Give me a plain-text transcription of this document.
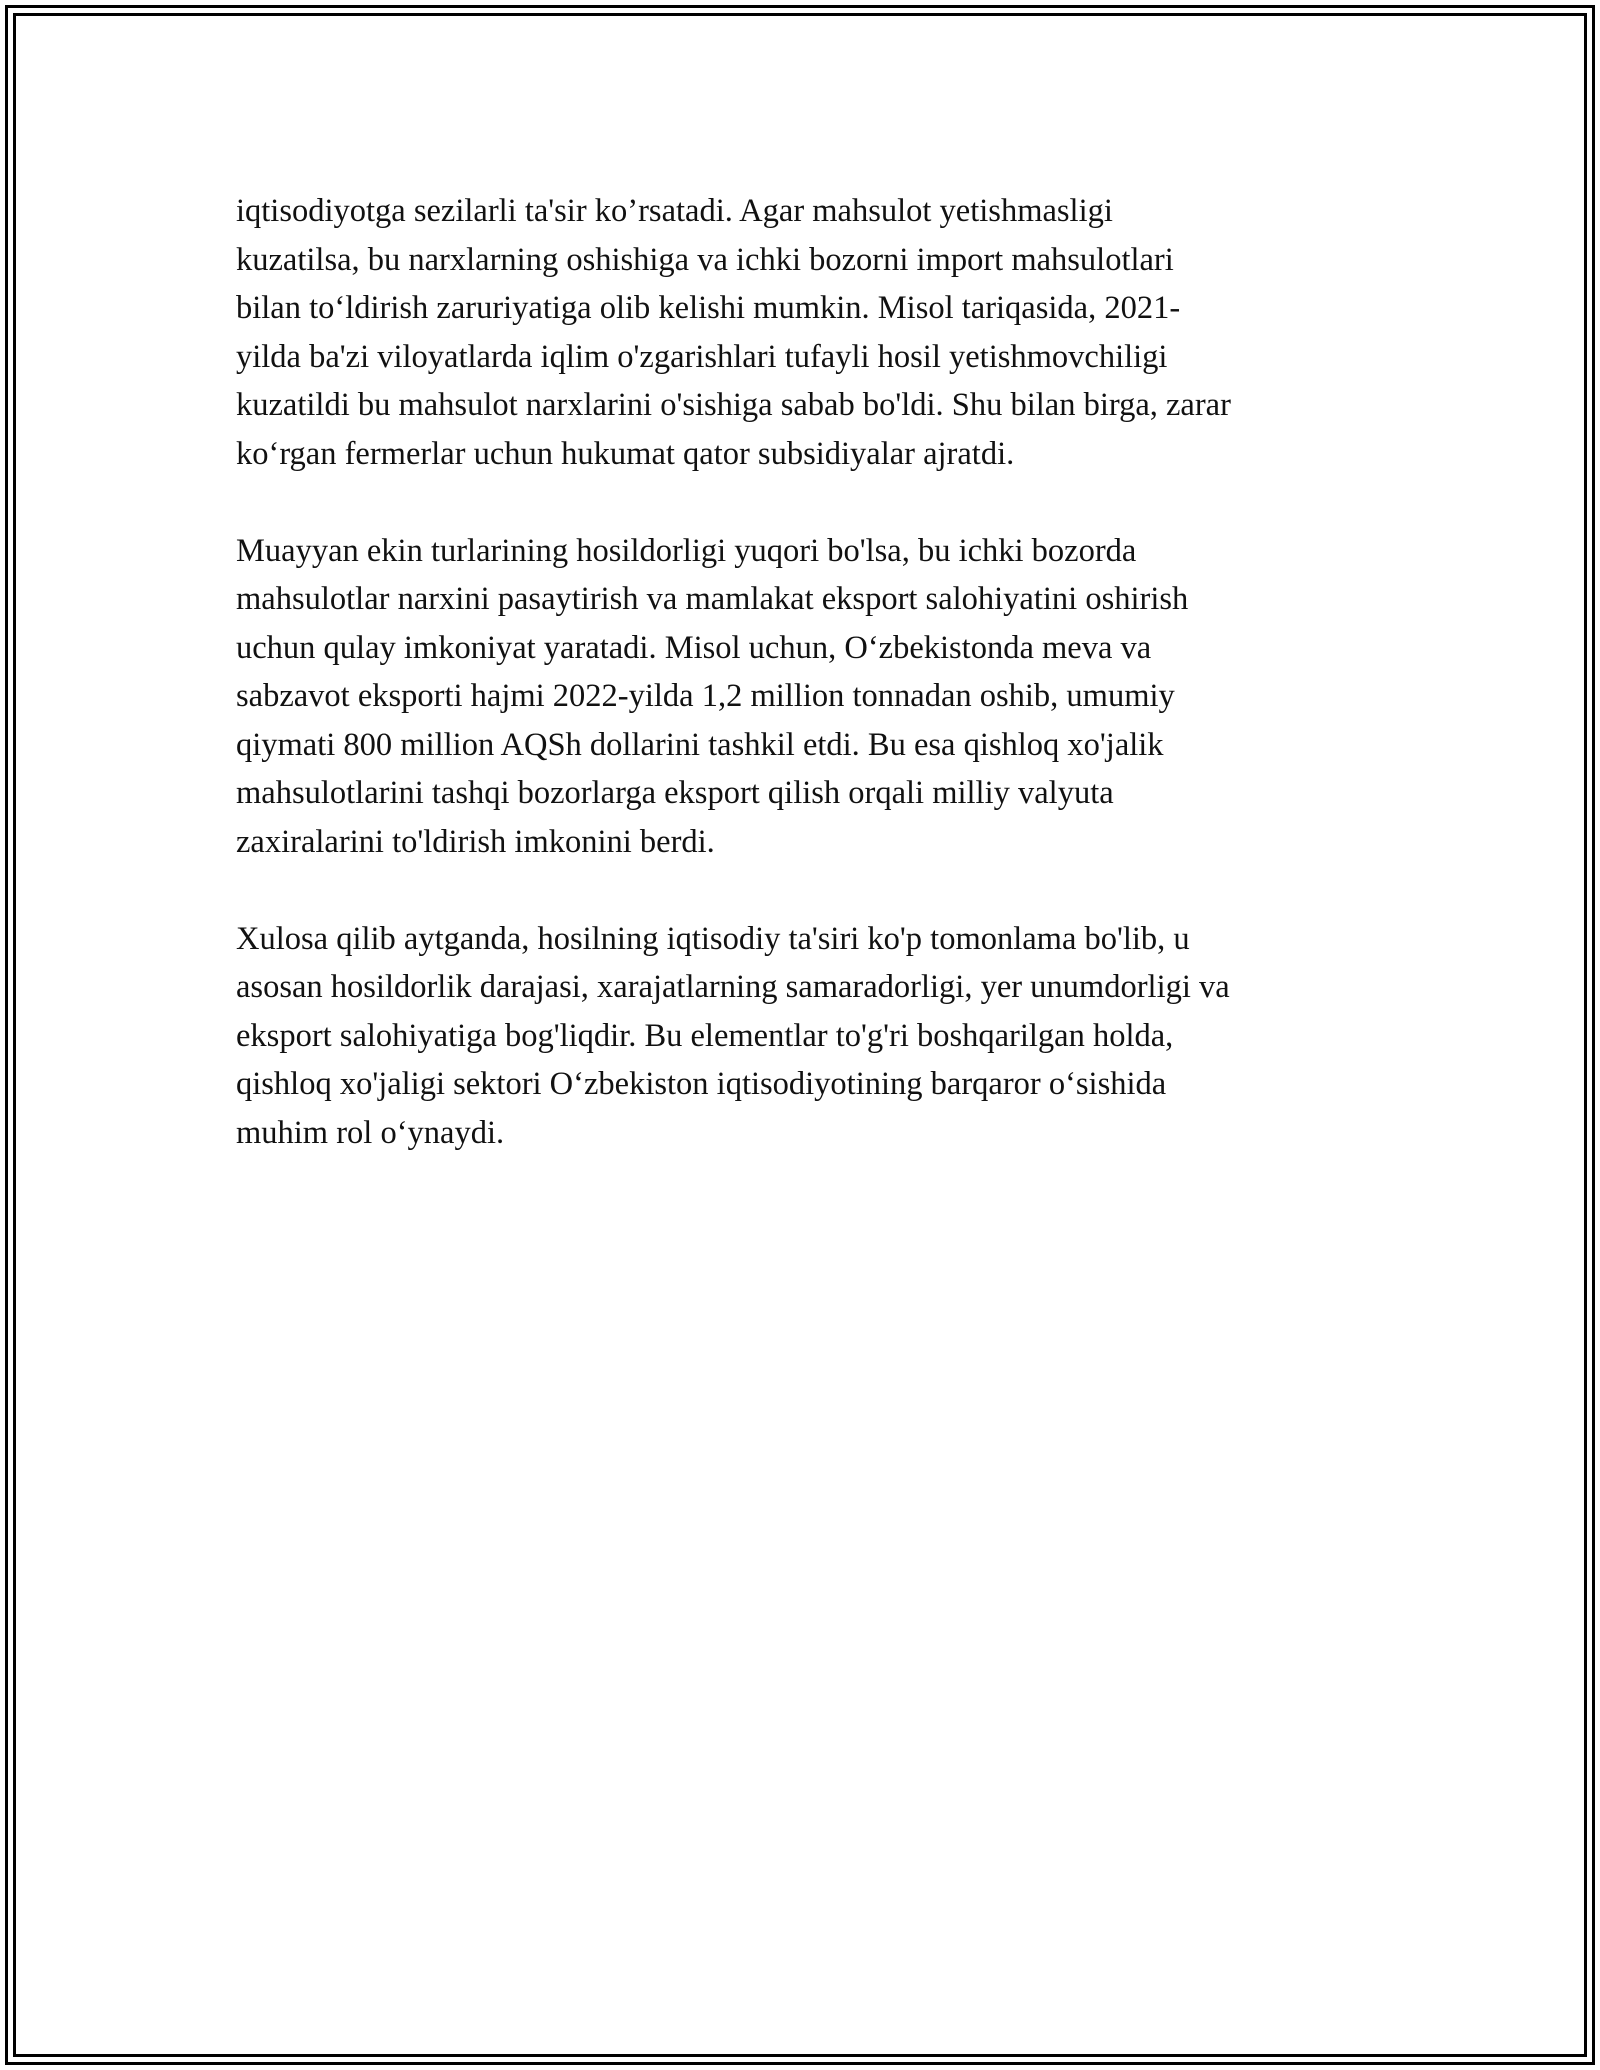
iqtisodiyotga sezilarli ta'sir ko’rsatadi. Agar mahsulot yetishmasligi
kuzatilsa, bu narxlarning oshishiga va ichki bozorni import mahsulotlari
bilan to‘ldirish zaruriyatiga olib kelishi mumkin. Misol tariqasida, 2021-
yilda ba'zi viloyatlarda iqlim o'zgarishlari tufayli hosil yetishmovchiligi
kuzatildi bu mahsulot narxlarini o'sishiga sabab bo'ldi. Shu bilan birga, zarar
ko‘rgan fermerlar uchun hukumat qator subsidiyalar ajratdi.

Muayyan ekin turlarining hosildorligi yuqori bo'lsa, bu ichki bozorda
mahsulotlar narxini pasaytirish va mamlakat eksport salohiyatini oshirish
uchun qulay imkoniyat yaratadi. Misol uchun, O‘zbekistonda meva va
sabzavot eksporti hajmi 2022-yilda 1,2 million tonnadan oshib, umumiy
qiymati 800 million AQSh dollarini tashkil etdi. Bu esa qishloq xo'jalik
mahsulotlarini tashqi bozorlarga eksport qilish orqali milliy valyuta
zaxiralarini to'ldirish imkonini berdi.

Xulosa qilib aytganda, hosilning iqtisodiy ta'siri ko'p tomonlama bo'lib, u
asosan hosildorlik darajasi, xarajatlarning samaradorligi, yer unumdorligi va
eksport salohiyatiga bog'liqdir. Bu elementlar to'g'ri boshqarilgan holda,
qishloq xo'jaligi sektori O‘zbekiston iqtisodiyotining barqaror o‘sishida
muhim rol o‘ynaydi.
